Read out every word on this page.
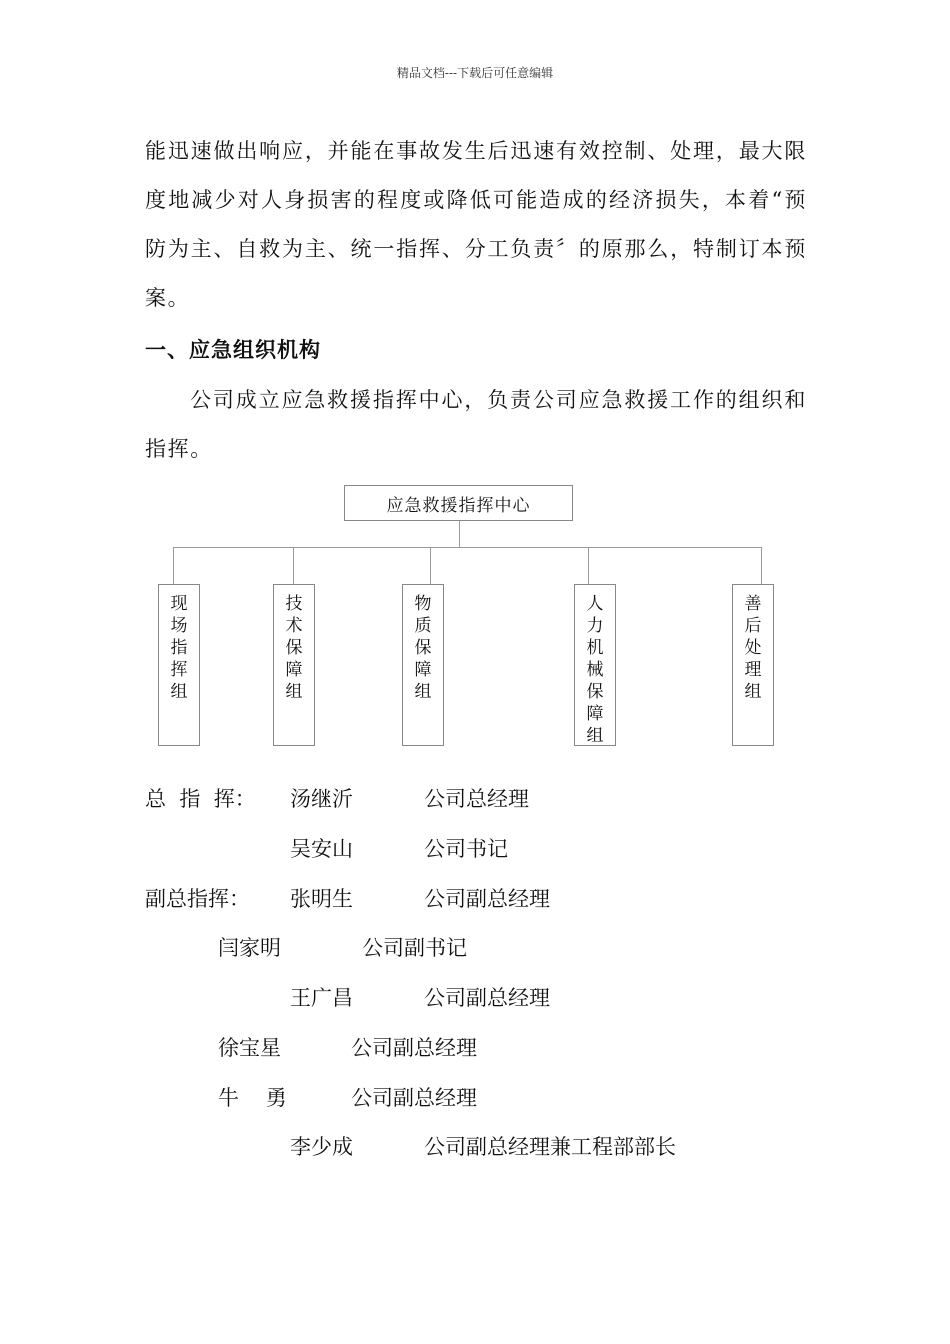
精品文档---下载后可任意编辑
能迅速做出响应，并能在事故发生后迅速有效控制、处理，最大限度地减少对人身损害的程度或降低可能造成的经济损失，本着“预防为主、自救为主、统一指挥、分工负责〞的原那么，特制订本预案。
一、应急组织机构
公司成立应急救援指挥中心，负责公司应急救援工作的组织和指挥。
应急救援指挥中心
现
场
指
挥
组
技
术
保
障
组
物
质
保
障
组
人
力
机
械
保
障
组
善
后
处
理
组
总  指  挥： 汤继沂	公司总经理
吴安山	公司书记
副总指挥： 张明生	公司副总经理
闫家明	公司副书记
王广昌	公司副总经理
徐宝星	公司副总经理
牛    勇	公司副总经理
李少成	公司副总经理兼工程部部长
